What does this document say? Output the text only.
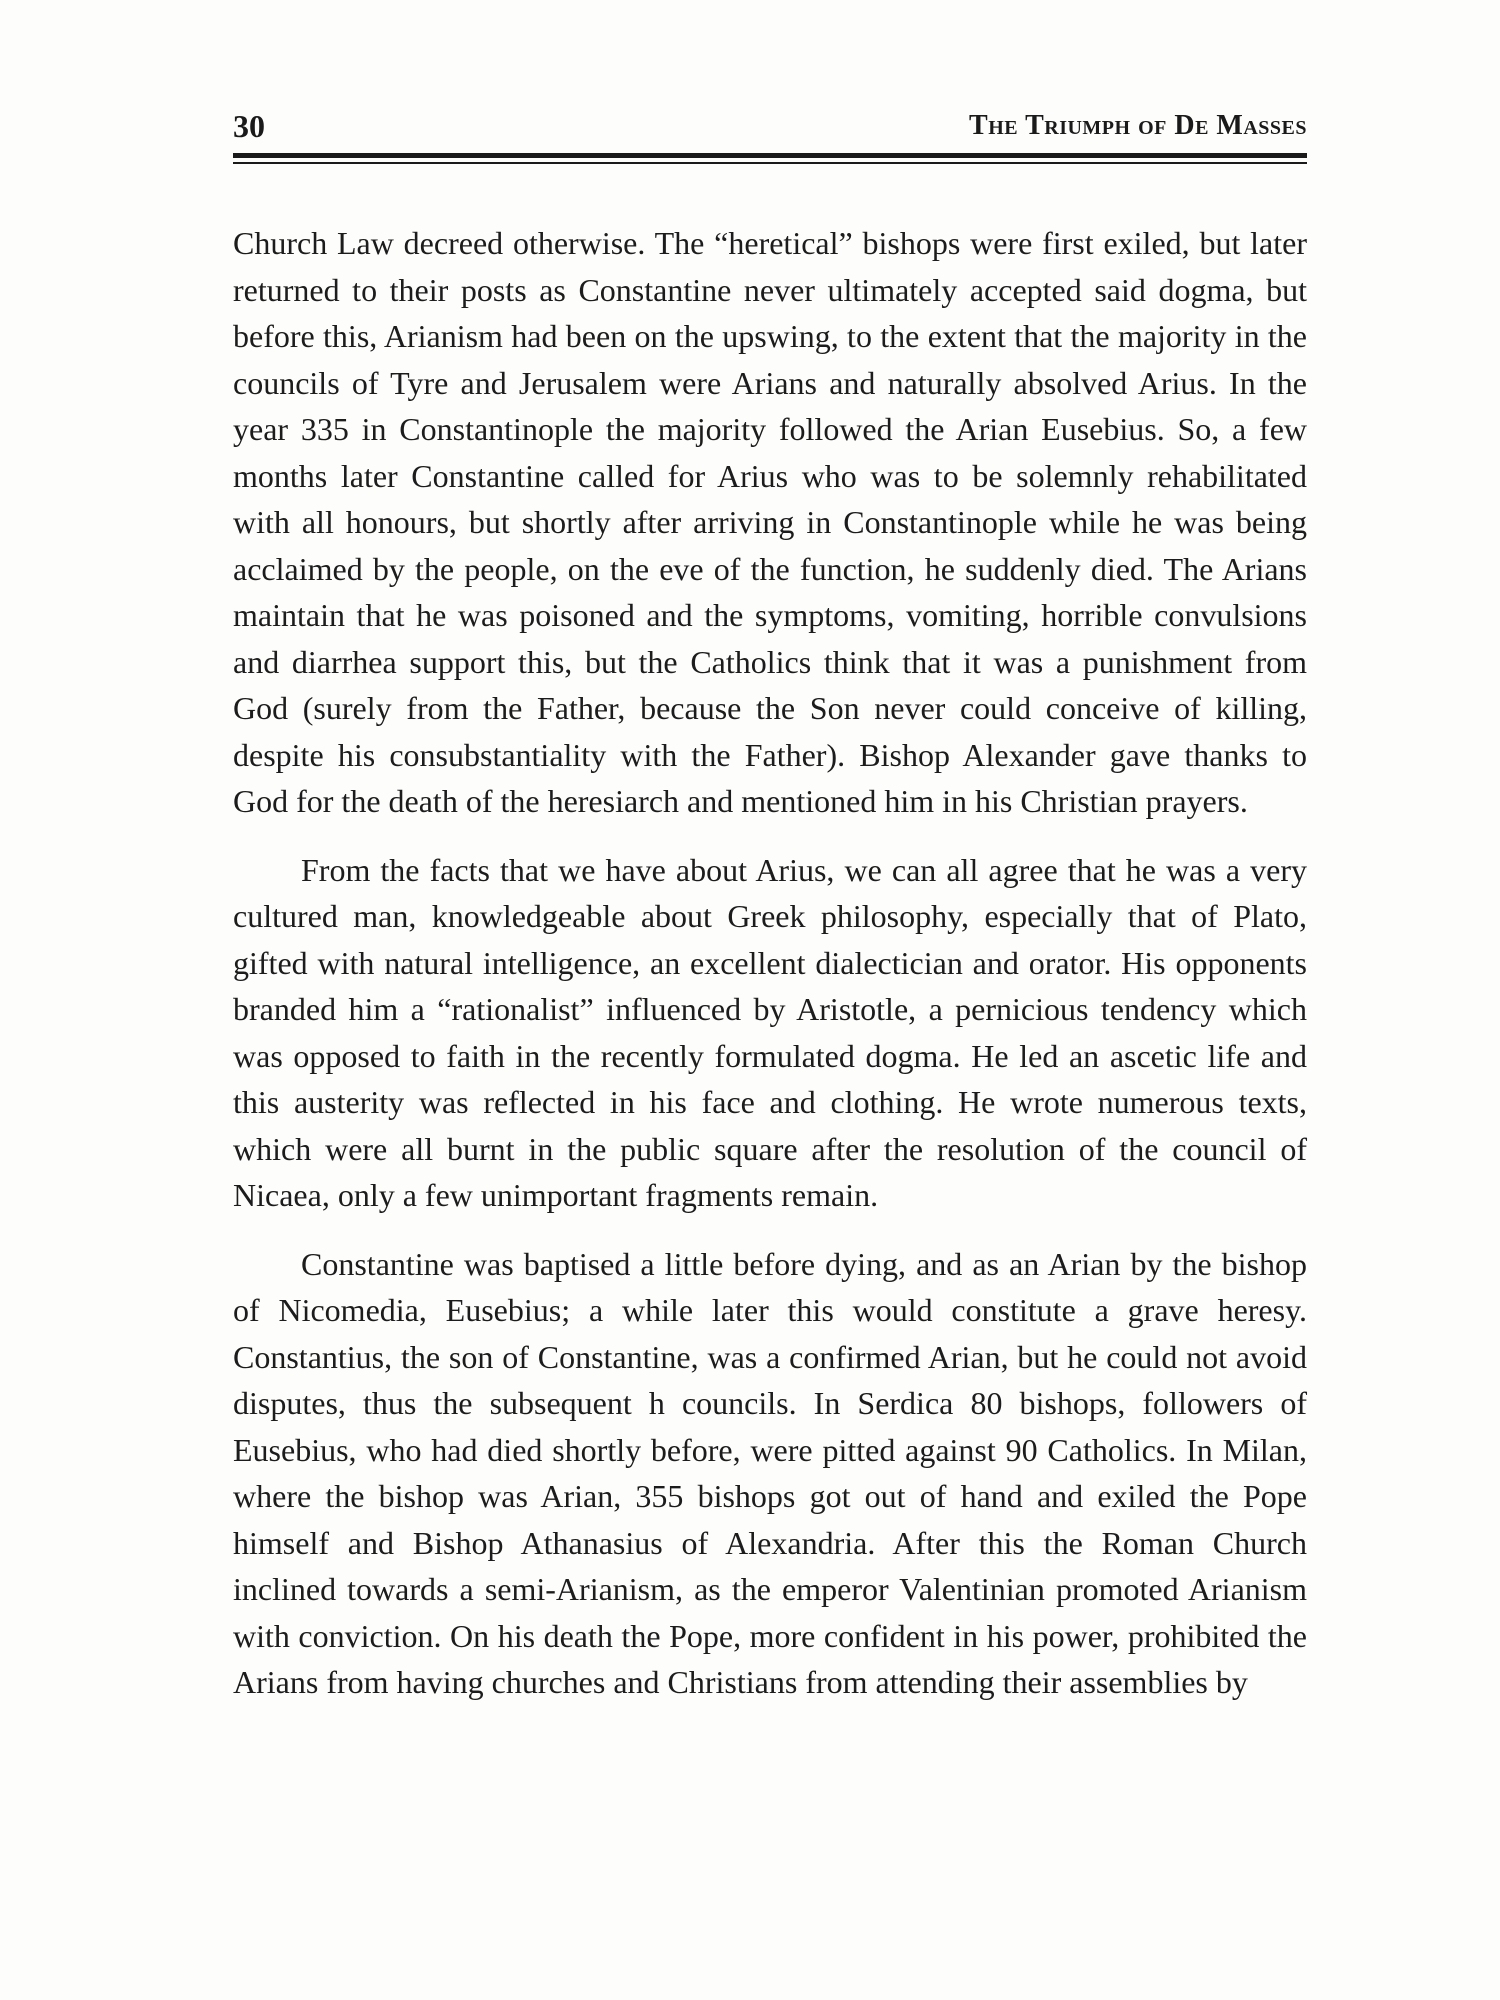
30	The Triumph of De Masses

Church Law decreed otherwise. The “heretical” bishops were first exiled, but later returned to their posts as Constantine never ultimately accepted said dogma, but before this, Arianism had been on the upswing, to the extent that the majority in the councils of Tyre and Jerusalem were Arians and naturally absolved Arius. In the year 335 in Constantinople the majority followed the Arian Eusebius. So, a few months later Constantine called for Arius who was to be solemnly rehabilitated with all honours, but shortly after arriving in Constantinople while he was being acclaimed by the people, on the eve of the function, he suddenly died. The Arians maintain that he was poisoned and the symptoms, vomiting, horrible convulsions and diarrhea support this, but the Catholics think that it was a punishment from God (surely from the Father, because the Son never could conceive of killing, despite his consubstantiality with the Father). Bishop Alexander gave thanks to God for the death of the heresiarch and mentioned him in his Christian prayers.

From the facts that we have about Arius, we can all agree that he was a very cultured man, knowledgeable about Greek philosophy, especially that of Plato, gifted with natural intelligence, an excellent dialectician and orator. His opponents branded him a “rationalist” influenced by Aristotle, a pernicious tendency which was opposed to faith in the recently formulated dogma. He led an ascetic life and this austerity was reflected in his face and clothing. He wrote numerous texts, which were all burnt in the public square after the resolution of the council of Nicaea, only a few unimportant fragments remain.

Constantine was baptised a little before dying, and as an Arian by the bishop of Nicomedia, Eusebius; a while later this would constitute a grave heresy. Constantius, the son of Constantine, was a confirmed Arian, but he could not avoid disputes, thus the subsequent h councils. In Serdica 80 bishops, followers of Eusebius, who had died shortly before, were pitted against 90 Catholics. In Milan, where the bishop was Arian, 355 bishops got out of hand and exiled the Pope himself and Bishop Athanasius of Alexandria. After this the Roman Church inclined towards a semi-Arianism, as the emperor Valentinian promoted Arianism with conviction. On his death the Pope, more confident in his power, prohibited the Arians from having churches and Christians from attending their assemblies by
